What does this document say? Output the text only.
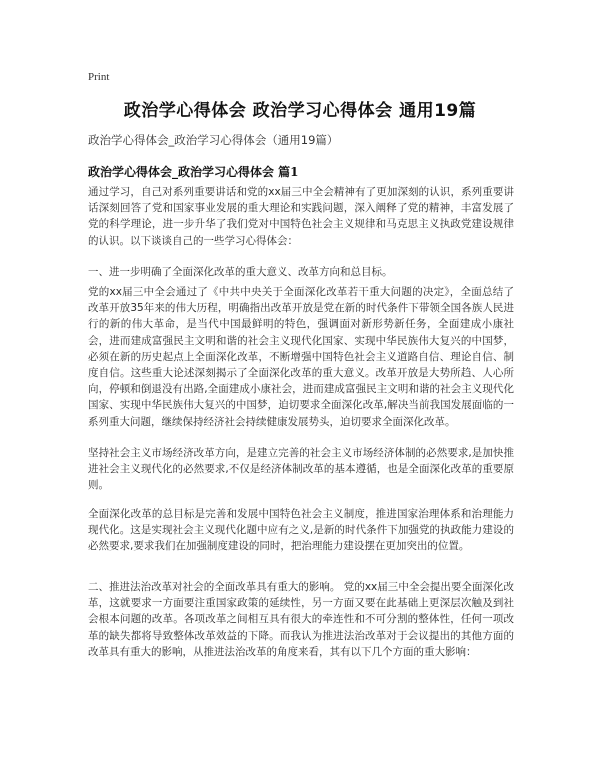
Print
政治学心得体会 政治学习心得体会 通用19篇
政治学心得体会_政治学习心得体会（通用19篇）
政治学心得体会_政治学习心得体会 篇1

通过学习，自己对系列重要讲话和党的xx届三中全会精神有了更加深刻的认识，系列重要讲话深刻回答了党和国家事业发展的重大理论和实践问题，深入阐释了党的精神，丰富发展了党的科学理论，进一步升华了我们党对中国特色社会主义规律和马克思主义执政党建设规律的认识。以下谈谈自己的一些学习心得体会：

一、进一步明确了全面深化改革的重大意义、改革方向和总目标。

党的xx届三中全会通过了《中共中央关于全面深化改革若干重大问题的决定》，全面总结了改革开放35年来的伟大历程，明确指出改革开放是党在新的时代条件下带领全国各族人民进行的新的伟大革命，是当代中国最鲜明的特色，强调面对新形势新任务，全面建成小康社会，进而建成富强民主文明和谐的社会主义现代化国家、实现中华民族伟大复兴的中国梦，必须在新的历史起点上全面深化改革，不断增强中国特色社会主义道路自信、理论自信、制度自信。这些重大论述深刻揭示了全面深化改革的重大意义。改革开放是大势所趋、人心所向，停顿和倒退没有出路,全面建成小康社会，进而建成富强民主文明和谐的社会主义现代化国家、实现中华民族伟大复兴的中国梦，迫切要求全面深化改革,解决当前我国发展面临的一系列重大问题，继续保持经济社会持续健康发展势头，迫切要求全面深化改革。

坚持社会主义市场经济改革方向，是建立完善的社会主义市场经济体制的必然要求,是加快推进社会主义现代化的必然要求,不仅是经济体制改革的基本遵循，也是全面深化改革的重要原则。

全面深化改革的总目标是完善和发展中国特色社会主义制度，推进国家治理体系和治理能力现代化。这是实现社会主义现代化题中应有之义,是新的时代条件下加强党的执政能力建设的必然要求,要求我们在加强制度建设的同时，把治理能力建设摆在更加突出的位置。

二、推进法治改革对社会的全面改革具有重大的影响。 党的xx届三中全会提出要全面深化改革，这就要求一方面要注重国家政策的延续性，另一方面又要在此基础上更深层次触及到社会根本问题的改革。各项改革之间相互具有很大的牵连性和不可分割的整体性，任何一项改革的缺失都将导致整体改革效益的下降。而我认为推进法治改革对于会议提出的其他方面的改革具有重大的影响，从推进法治改革的角度来看，其有以下几个方面的重大影响：
